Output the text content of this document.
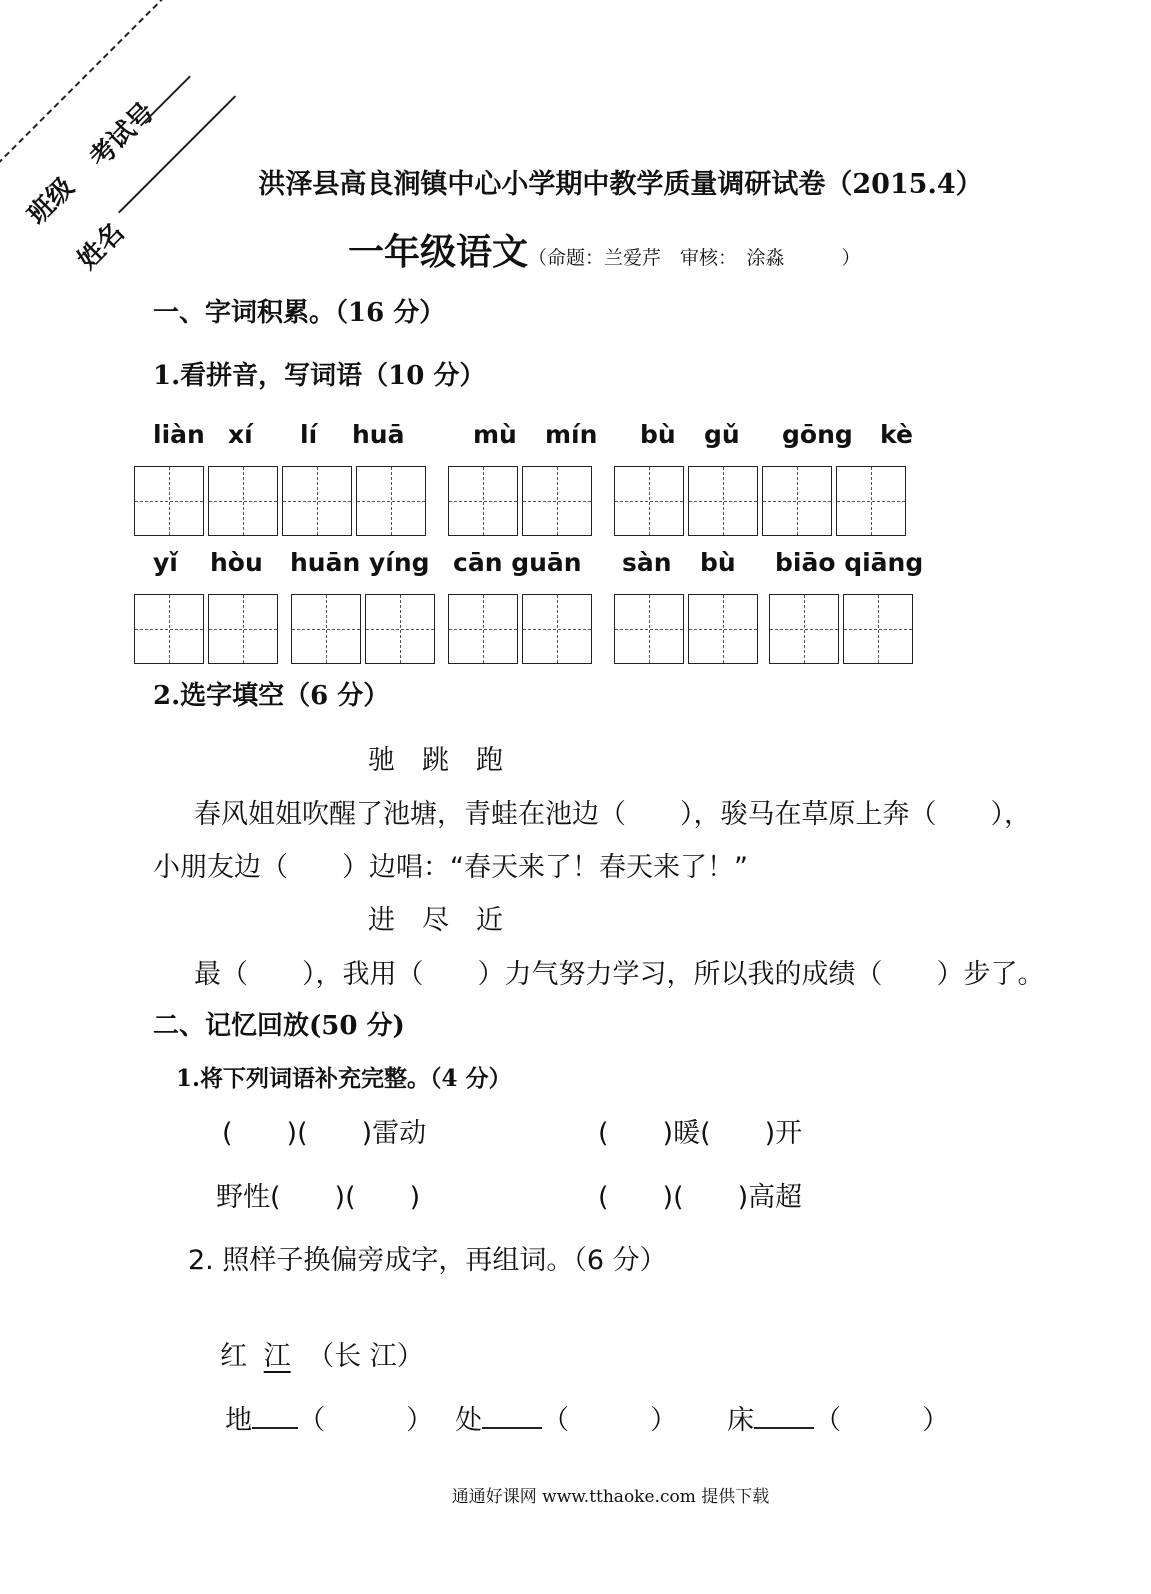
班级
考试号
姓名
洪泽县高良涧镇中心小学期中教学质量调研试卷（2015.4）
一年级语文（命题：兰爱芹　审核：　涂淼　　　）
一、字词积累。（16 分）
1.看拼音，写词语（10 分）
liàn xí lí huā	mù mín bù gǔ gōng kè
yǐ hòu huān yíng cān guān sàn bù biāo qiāng
2.选字填空（6 分）
驰　跳　跑
春风姐姐吹醒了池塘，青蛙在池边（　　），骏马在草原上奔（　　），
小朋友边（　　）边唱：“春天来了！春天来了！”
进　尽　近
最（　　），我用（　　）力气努力学习，所以我的成绩（　　）步了。
二、记忆回放(50 分)
1.将下列词语补充完整。（4 分）
(　　)(　　)雷动	(　　)暖(　　)开
野性(　　)(　　)	(　　)(　　)高超
2. 照样子换偏旁成字，再组词。（6 分）

红 江 （长 江）

地 （　　　） 处 （　　　）	床 （　　　）

通通好课网 www.tthaoke.com 提供下载
